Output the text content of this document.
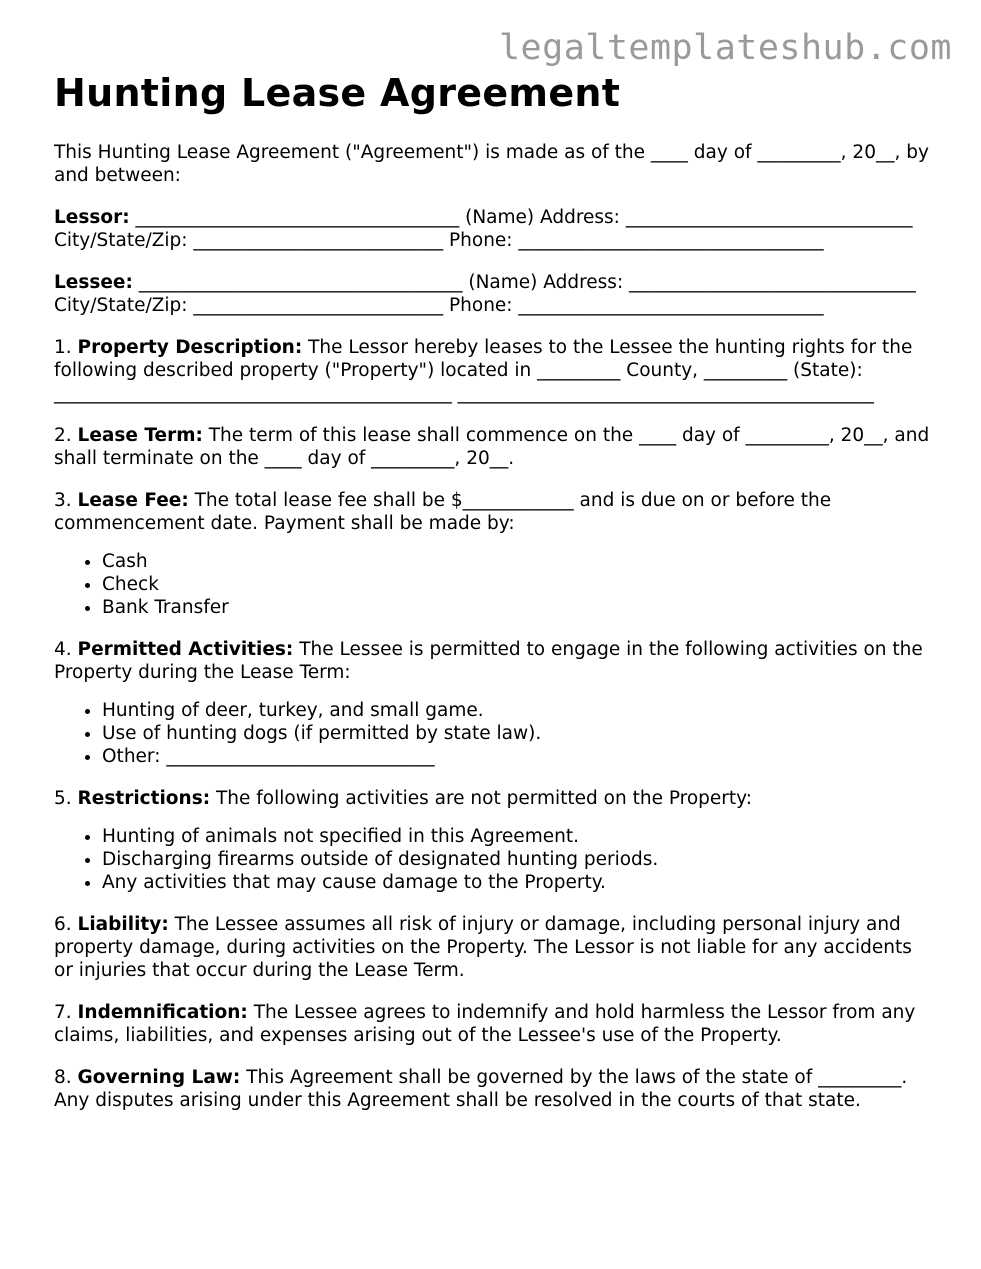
legaltemplateshub.com
Hunting Lease Agreement

This Hunting Lease Agreement ("Agreement") is made as of the ____ day of _________, 20__, by and between:

Lessor: ___________________________________ (Name) Address: _______________________________ City/State/Zip: ___________________________ Phone: _________________________________

Lessee: ___________________________________ (Name) Address: _______________________________ City/State/Zip: ___________________________ Phone: _________________________________

1. Property Description: The Lessor hereby leases to the Lessee the hunting rights for the following described property ("Property") located in _________ County, _________ (State): ___________________________________________ _____________________________________________

2. Lease Term: The term of this lease shall commence on the ____ day of _________, 20__, and shall terminate on the ____ day of _________, 20__.

3. Lease Fee: The total lease fee shall be $____________ and is due on or before the commencement date. Payment shall be made by:

• Cash
• Check
• Bank Transfer

4. Permitted Activities: The Lessee is permitted to engage in the following activities on the Property during the Lease Term:

• Hunting of deer, turkey, and small game.
• Use of hunting dogs (if permitted by state law).
• Other: _____________________________

5. Restrictions: The following activities are not permitted on the Property:

• Hunting of animals not specified in this Agreement.
• Discharging firearms outside of designated hunting periods.
• Any activities that may cause damage to the Property.

6. Liability: The Lessee assumes all risk of injury or damage, including personal injury and property damage, during activities on the Property. The Lessor is not liable for any accidents or injuries that occur during the Lease Term.

7. Indemnification: The Lessee agrees to indemnify and hold harmless the Lessor from any claims, liabilities, and expenses arising out of the Lessee's use of the Property.

8. Governing Law: This Agreement shall be governed by the laws of the state of _________. Any disputes arising under this Agreement shall be resolved in the courts of that state.
